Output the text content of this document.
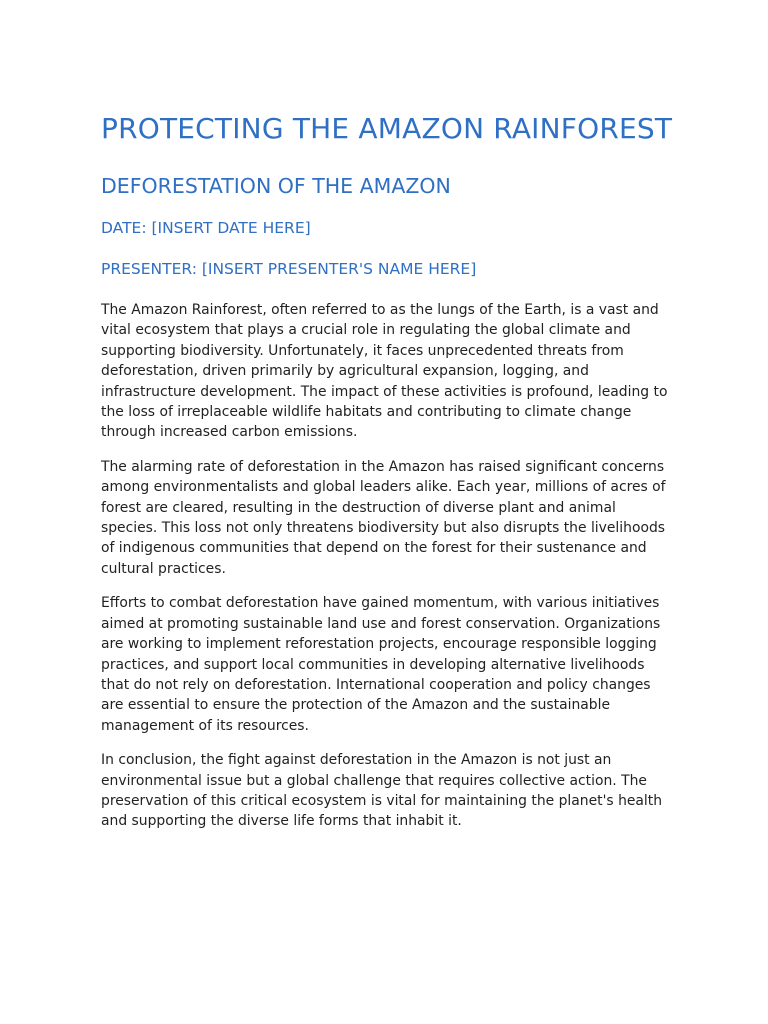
PROTECTING THE AMAZON RAINFOREST
DEFORESTATION OF THE AMAZON

DATE: [INSERT DATE HERE]

PRESENTER: [INSERT PRESENTER'S NAME HERE]

The Amazon Rainforest, often referred to as the lungs of the Earth, is a vast and vital ecosystem that plays a crucial role in regulating the global climate and supporting biodiversity. Unfortunately, it faces unprecedented threats from deforestation, driven primarily by agricultural expansion, logging, and infrastructure development. The impact of these activities is profound, leading to the loss of irreplaceable wildlife habitats and contributing to climate change through increased carbon emissions.

The alarming rate of deforestation in the Amazon has raised significant concerns among environmentalists and global leaders alike. Each year, millions of acres of forest are cleared, resulting in the destruction of diverse plant and animal species. This loss not only threatens biodiversity but also disrupts the livelihoods of indigenous communities that depend on the forest for their sustenance and cultural practices.

Efforts to combat deforestation have gained momentum, with various initiatives aimed at promoting sustainable land use and forest conservation. Organizations are working to implement reforestation projects, encourage responsible logging practices, and support local communities in developing alternative livelihoods that do not rely on deforestation. International cooperation and policy changes are essential to ensure the protection of the Amazon and the sustainable management of its resources.

In conclusion, the fight against deforestation in the Amazon is not just an environmental issue but a global challenge that requires collective action. The preservation of this critical ecosystem is vital for maintaining the planet's health and supporting the diverse life forms that inhabit it.
